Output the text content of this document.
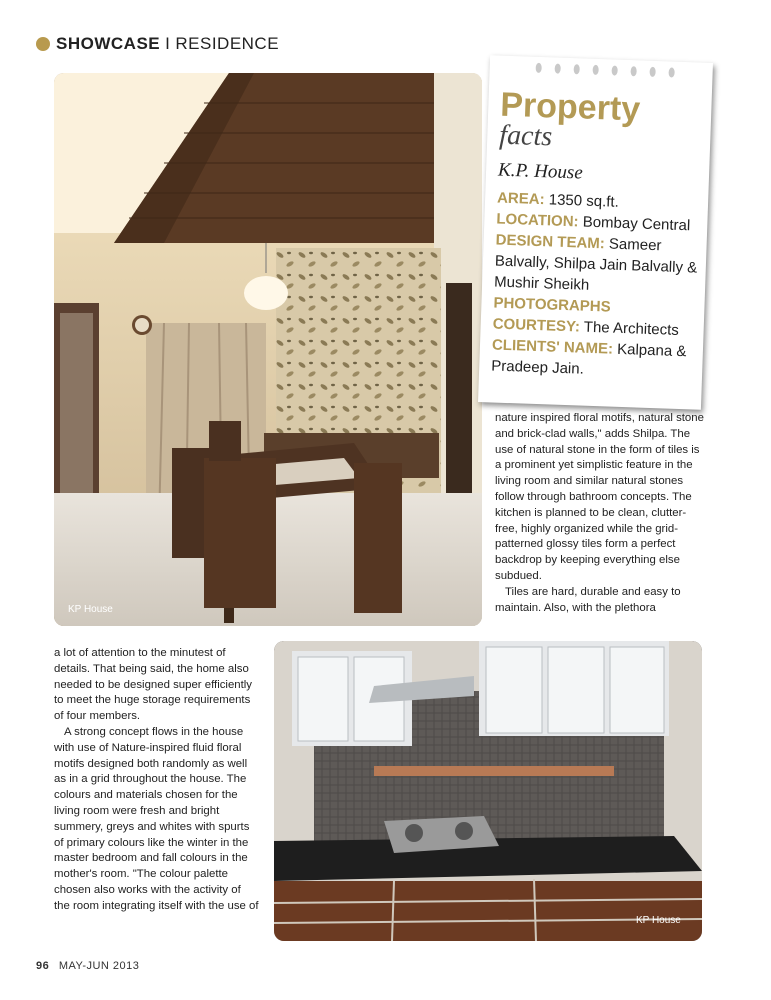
SHOWCASE I RESIDENCE
KP House
Property
facts
K.P. House
AREA: 1350 sq.ft.
LOCATION: Bombay Central
DESIGN TEAM: Sameer Balvally, Shilpa Jain Balvally & Mushir Sheikh
PHOTOGRAPHS COURTESY: The Architects
CLIENTS' NAME: Kalpana & Pradeep Jain.

nature inspired floral motifs, natural stone and brick-clad walls," adds Shilpa. The use of natural stone in the form of tiles is a prominent yet simplistic feature in the living room and similar natural stones follow through bathroom concepts. The kitchen is planned to be clean, clutter-free, highly organized while the grid-patterned glossy tiles form a perfect backdrop by keeping everything else subdued.

Tiles are hard, durable and easy to maintain. Also, with the plethora

a lot of attention to the minutest of details. That being said, the home also needed to be designed super efficiently to meet the huge storage requirements of four members.

A strong concept flows in the house with use of Nature-inspired fluid floral motifs designed both randomly as well as in a grid throughout the house. The colours and materials chosen for the living room were fresh and bright summery, greys and whites with spurts of primary colours like the winter in the master bedroom and fall colours in the mother's room. "The colour palette chosen also works with the activity of the room integrating itself with the use of

KP House
96 MAY-JUN 2013
